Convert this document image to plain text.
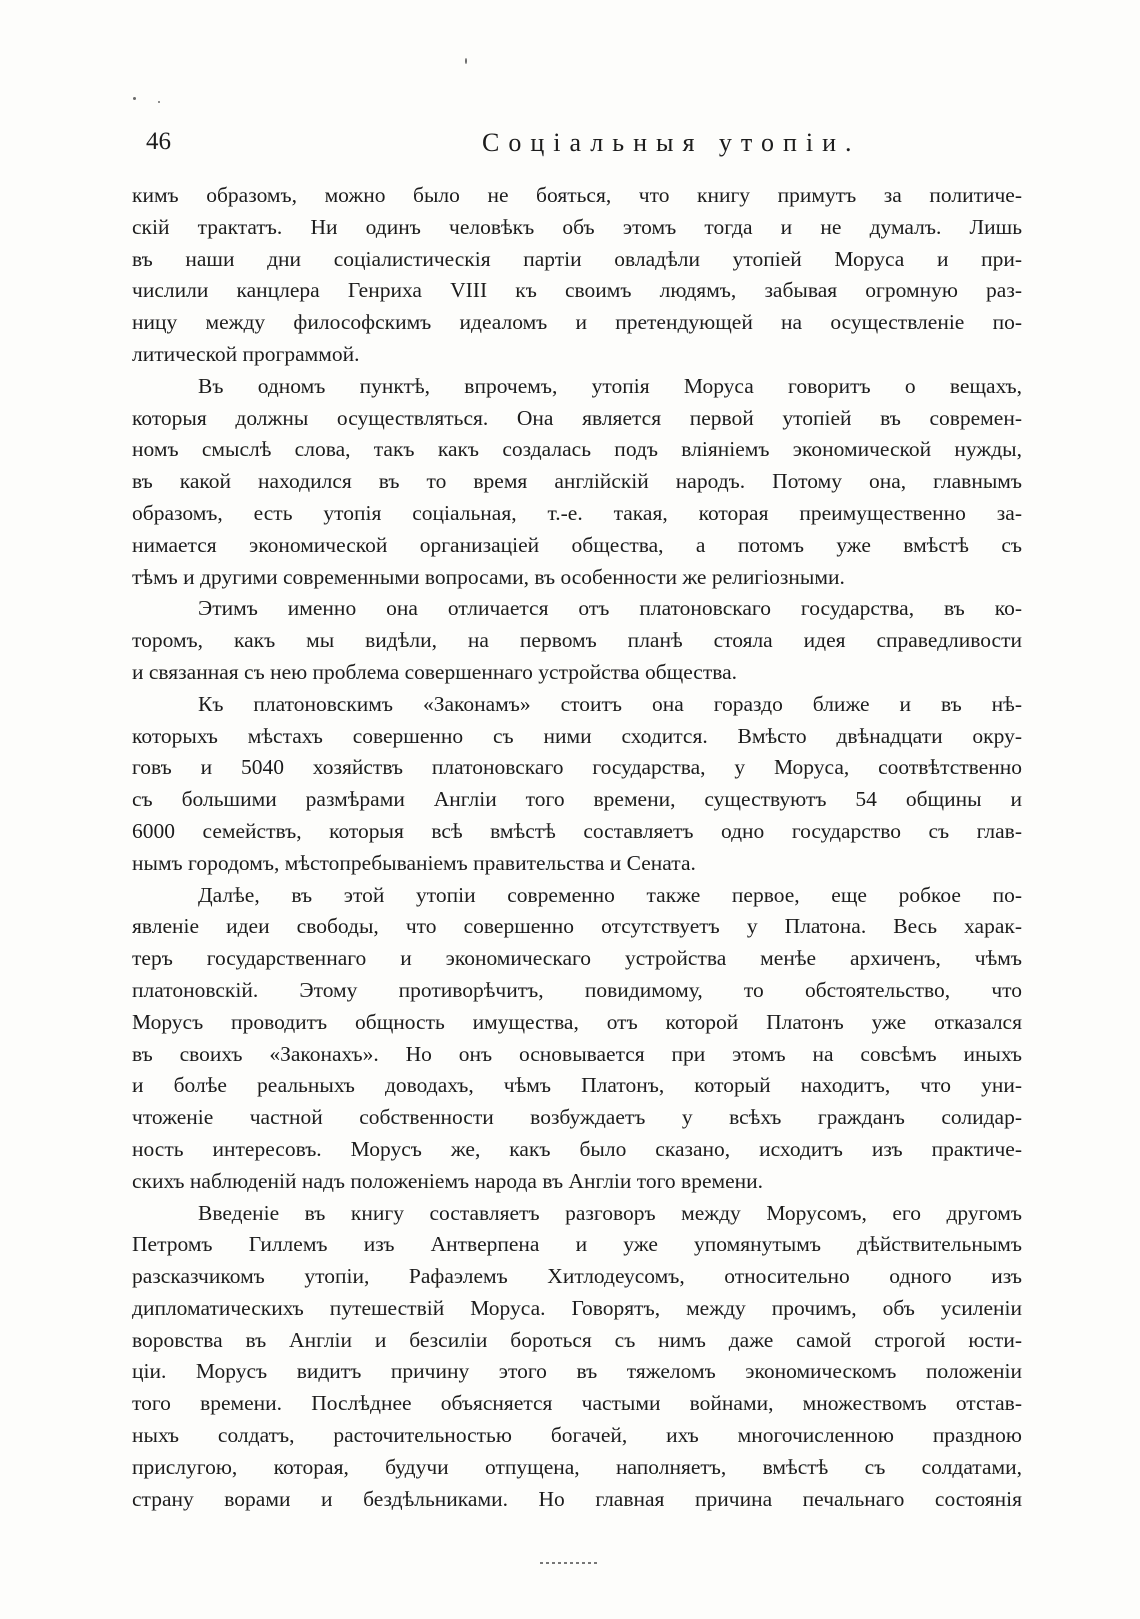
46	Соціальныя утопіи.
кимъ образомъ, можно было не бояться, что книгу примутъ за политиче-
скій трактатъ. Ни одинъ человѣкъ объ этомъ тогда и не думалъ. Лишь
въ наши дни соціалистическія партіи овладѣли утопіей Моруса и при-
числили канцлера Генриха VIII къ своимъ людямъ, забывая огромную раз-
ницу между философскимъ идеаломъ и претендующей на осуществленіе по-
литической программой.
Въ одномъ пунктѣ, впрочемъ, утопія Моруса говоритъ о вещахъ,
которыя должны осуществляться. Она является первой утопіей въ современ-
номъ смыслѣ слова, такъ какъ создалась подъ вліяніемъ экономической нужды,
въ какой находился въ то время англійскій народъ. Потому она, главнымъ
образомъ, есть утопія соціальная, т.-е. такая, которая преимущественно за-
нимается экономической организаціей общества, а потомъ уже вмѣстѣ съ
тѣмъ и другими современными вопросами, въ особенности же религіозными.
Этимъ именно она отличается отъ платоновскаго государства, въ ко-
торомъ, какъ мы видѣли, на первомъ планѣ стояла идея справедливости
и связанная съ нею проблема совершеннаго устройства общества.
Къ платоновскимъ «Законамъ» стоитъ она гораздо ближе и въ нѣ-
которыхъ мѣстахъ совершенно съ ними сходится. Вмѣсто двѣнадцати окру-
говъ и 5040 хозяйствъ платоновскаго государства, у Моруса, соотвѣтственно
съ большими размѣрами Англіи того времени, существуютъ 54 общины и
6000 семействъ, которыя всѣ вмѣстѣ составляетъ одно государство съ глав-
нымъ городомъ, мѣстопребываніемъ правительства и Сената.
Далѣе, въ этой утопіи современно также первое, еще робкое по-
явленіе идеи свободы, что совершенно отсутствуетъ у Платона. Весь харак-
теръ государственнаго и экономическаго устройства менѣе архиченъ, чѣмъ
платоновскій. Этому противорѣчитъ, повидимому, то обстоятельство, что
Морусъ проводитъ общность имущества, отъ которой Платонъ уже отказался
въ своихъ «Законахъ». Но онъ основывается при этомъ на совсѣмъ иныхъ
и болѣе реальныхъ доводахъ, чѣмъ Платонъ, который находитъ, что уни-
чтоженіе частной собственности возбуждаетъ у всѣхъ гражданъ солидар-
ность интересовъ. Морусъ же, какъ было сказано, исходитъ изъ практиче-
скихъ наблюденій надъ положеніемъ народа въ Англіи того времени.
Введеніе въ книгу составляетъ разговоръ между Морусомъ, его другомъ
Петромъ Гиллемъ изъ Антверпена и уже упомянутымъ дѣйствительнымъ
разсказчикомъ утопіи, Рафаэлемъ Хитлодеусомъ, относительно одного изъ
дипломатическихъ путешествій Моруса. Говорятъ, между прочимъ, объ усиленіи
воровства въ Англіи и безсиліи бороться съ нимъ даже самой строгой юсти-
ціи. Морусъ видитъ причину этого въ тяжеломъ экономическомъ положеніи
того времени. Послѣднее объясняется частыми войнами, множествомъ отстав-
ныхъ солдатъ, расточительностью богачей, ихъ многочисленною праздною
прислугою, которая, будучи отпущена, наполняетъ, вмѣстѣ съ солдатами,
страну ворами и бездѣльниками. Но главная причина печальнаго состоянія
